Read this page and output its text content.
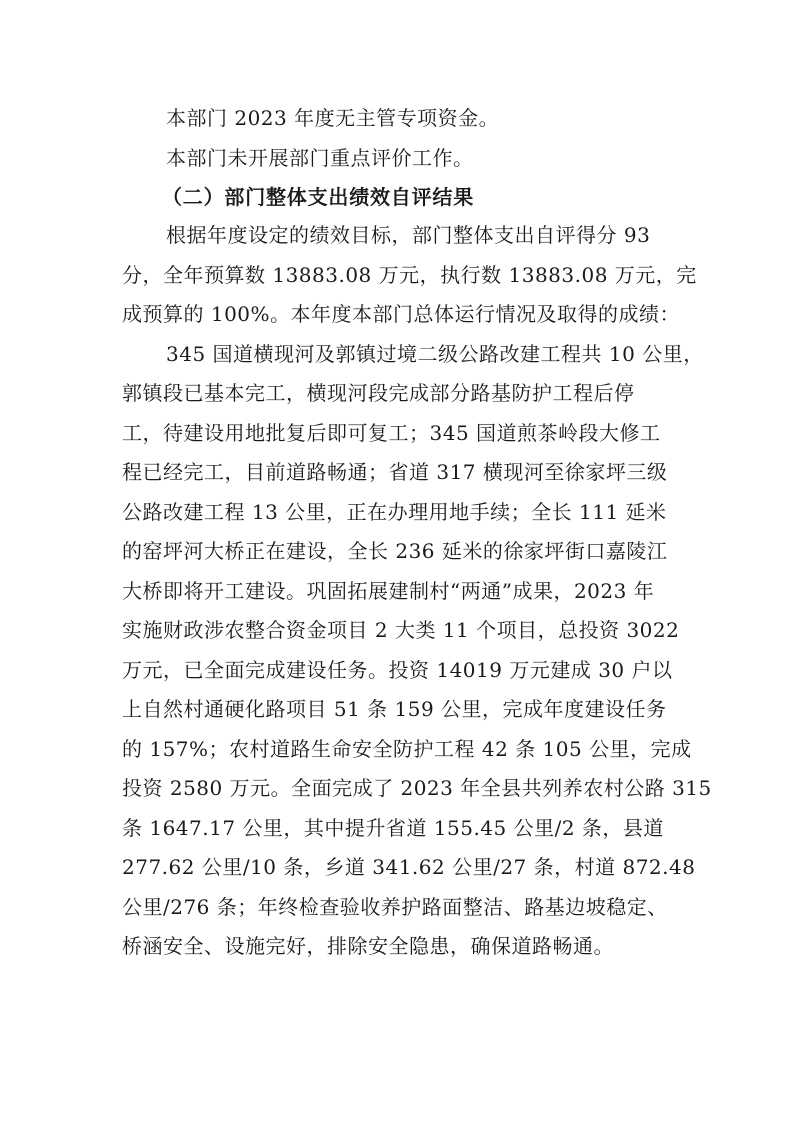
本部门 2023 年度无主管专项资金。
本部门未开展部门重点评价工作。
（二）部门整体支出绩效自评结果
根据年度设定的绩效目标，部门整体支出自评得分 93
分，全年预算数 13883.08 万元，执行数 13883.08 万元，完
成预算的 100%。本年度本部门总体运行情况及取得的成绩：
345 国道横现河及郭镇过境二级公路改建工程共 10 公里，
郭镇段已基本完工，横现河段完成部分路基防护工程后停
工，待建设用地批复后即可复工；345 国道煎茶岭段大修工
程已经完工，目前道路畅通；省道 317 横现河至徐家坪三级
公路改建工程 13 公里，正在办理用地手续；全长 111 延米
的窑坪河大桥正在建设，全长 236 延米的徐家坪街口嘉陵江
大桥即将开工建设。巩固拓展建制村“两通”成果，2023 年
实施财政涉农整合资金项目 2 大类 11 个项目，总投资 3022
万元，已全面完成建设任务。投资 14019 万元建成 30 户以
上自然村通硬化路项目 51 条 159 公里，完成年度建设任务
的 157%；农村道路生命安全防护工程 42 条 105 公里，完成
投资 2580 万元。全面完成了 2023 年全县共列养农村公路 315
条 1647.17 公里，其中提升省道 155.45 公里/2 条，县道
277.62 公里/10 条，乡道 341.62 公里/27 条，村道 872.48
公里/276 条；年终检查验收养护路面整洁、路基边坡稳定、
桥涵安全、设施完好，排除安全隐患，确保道路畅通。
